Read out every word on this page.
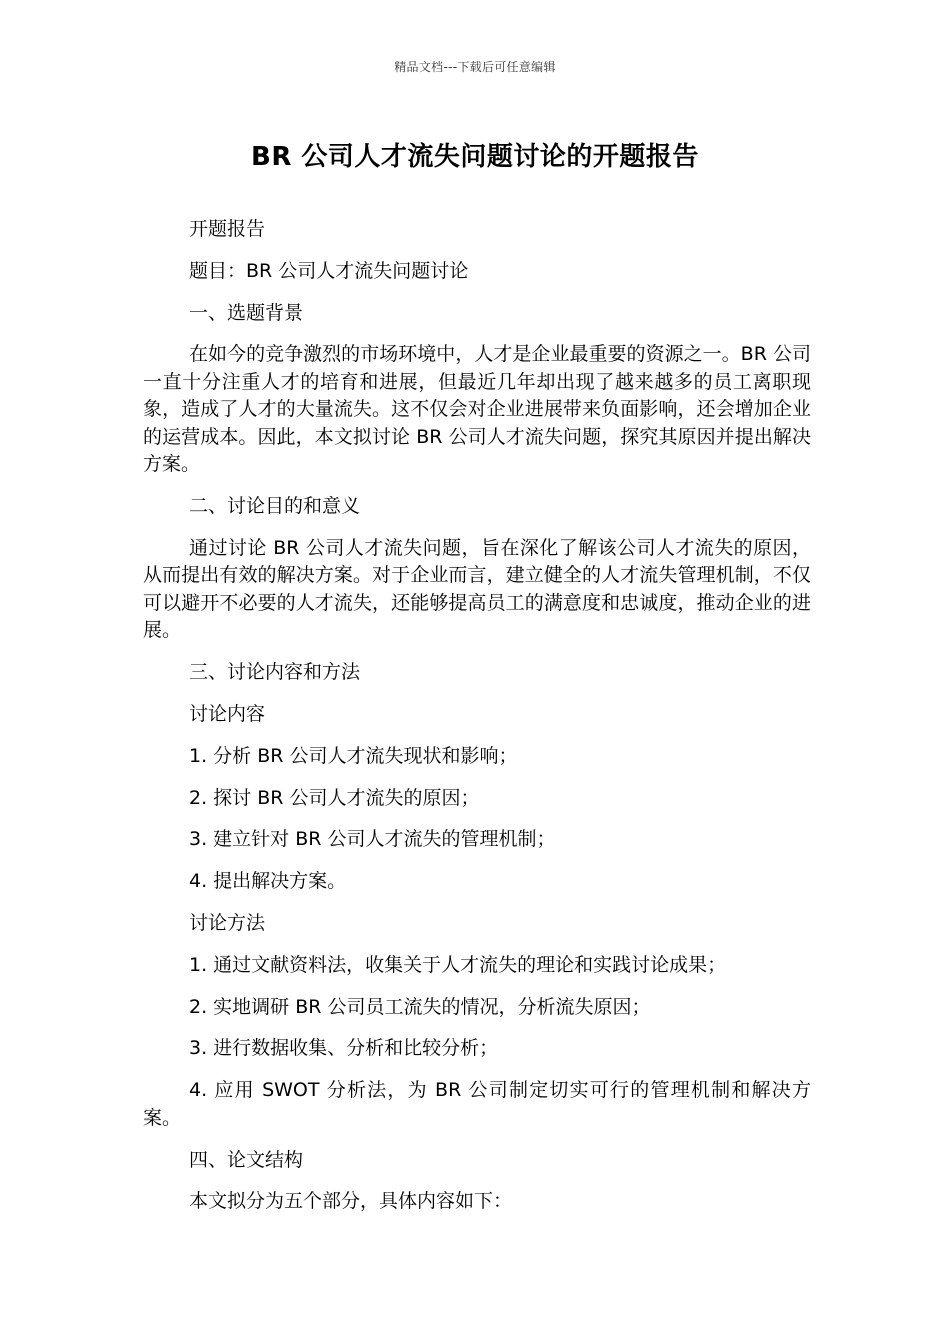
精品文档---下载后可任意编辑
BR 公司人才流失问题讨论的开题报告

开题报告

题目：BR 公司人才流失问题讨论

一、选题背景

在如今的竞争激烈的市场环境中，人才是企业最重要的资源之一。BR 公司一直十分注重人才的培育和进展，但最近几年却出现了越来越多的员工离职现象，造成了人才的大量流失。这不仅会对企业进展带来负面影响，还会增加企业的运营成本。因此，本文拟讨论 BR 公司人才流失问题，探究其原因并提出解决方案。

二、讨论目的和意义

通过讨论 BR 公司人才流失问题，旨在深化了解该公司人才流失的原因，从而提出有效的解决方案。对于企业而言，建立健全的人才流失管理机制，不仅可以避开不必要的人才流失，还能够提高员工的满意度和忠诚度，推动企业的进展。

三、讨论内容和方法

讨论内容

1. 分析 BR 公司人才流失现状和影响；

2. 探讨 BR 公司人才流失的原因；

3. 建立针对 BR 公司人才流失的管理机制；

4. 提出解决方案。

讨论方法

1. 通过文献资料法，收集关于人才流失的理论和实践讨论成果；

2. 实地调研 BR 公司员工流失的情况，分析流失原因；

3. 进行数据收集、分析和比较分析；

4. 应用 SWOT 分析法，为 BR 公司制定切实可行的管理机制和解决方案。

四、论文结构

本文拟分为五个部分，具体内容如下：
